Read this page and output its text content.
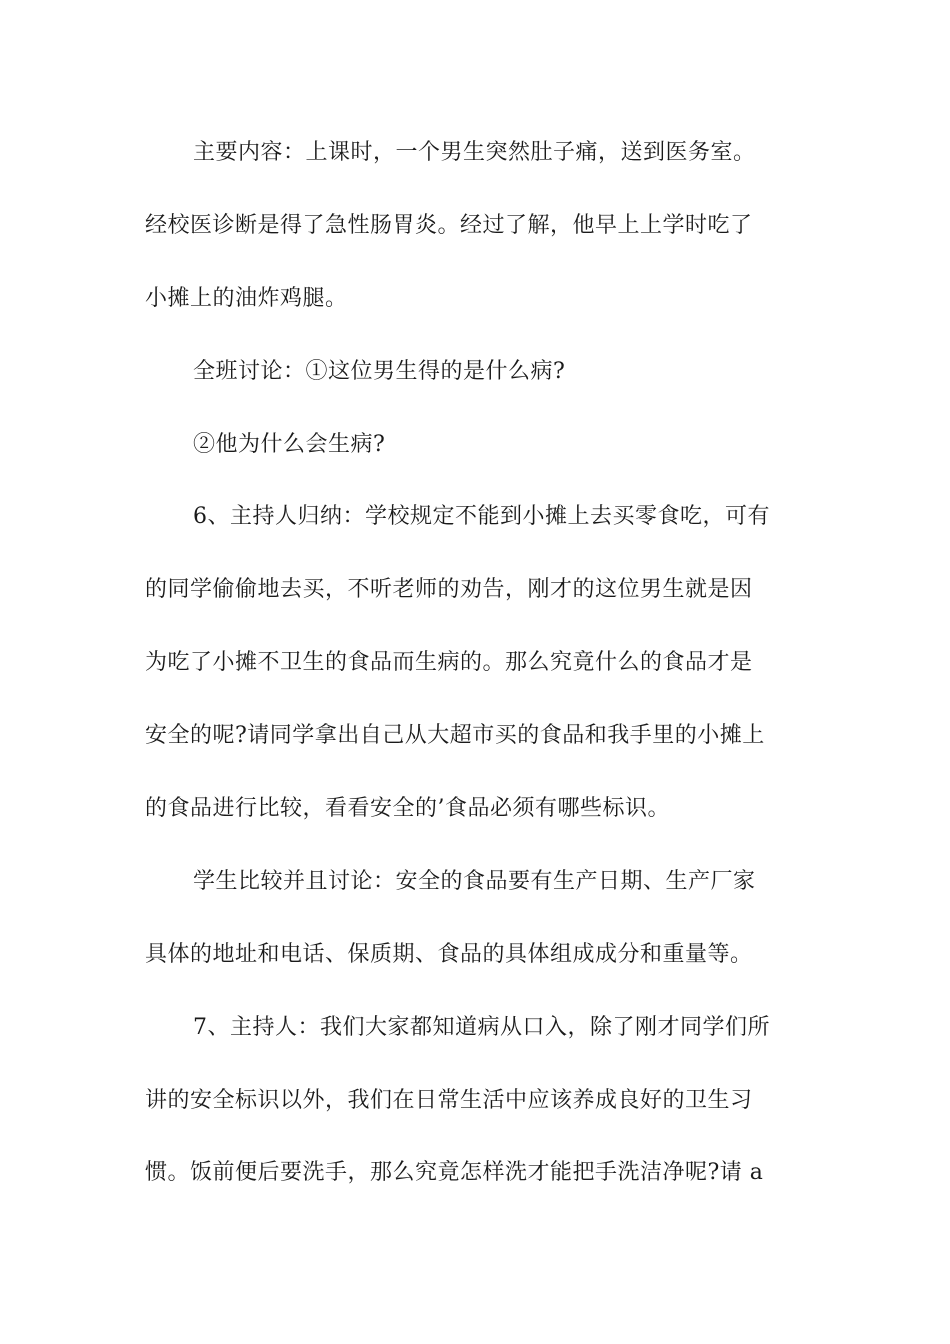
主要内容：上课时，一个男生突然肚子痛，送到医务室。
经校医诊断是得了急性肠胃炎。经过了解，他早上上学时吃了
小摊上的油炸鸡腿。
全班讨论：①这位男生得的是什么病?
②他为什么会生病?
6、主持人归纳：学校规定不能到小摊上去买零食吃，可有
的同学偷偷地去买，不听老师的劝告，刚才的这位男生就是因
为吃了小摊不卫生的食品而生病的。那么究竟什么的食品才是
安全的呢?请同学拿出自己从大超市买的食品和我手里的小摊上
的食品进行比较，看看安全的’食品必须有哪些标识。
学生比较并且讨论：安全的食品要有生产日期、生产厂家
具体的地址和电话、保质期、食品的具体组成成分和重量等。
7、主持人：我们大家都知道病从口入，除了刚才同学们所
讲的安全标识以外，我们在日常生活中应该养成良好的卫生习
惯。饭前便后要洗手，那么究竟怎样洗才能把手洗洁净呢?请 a
